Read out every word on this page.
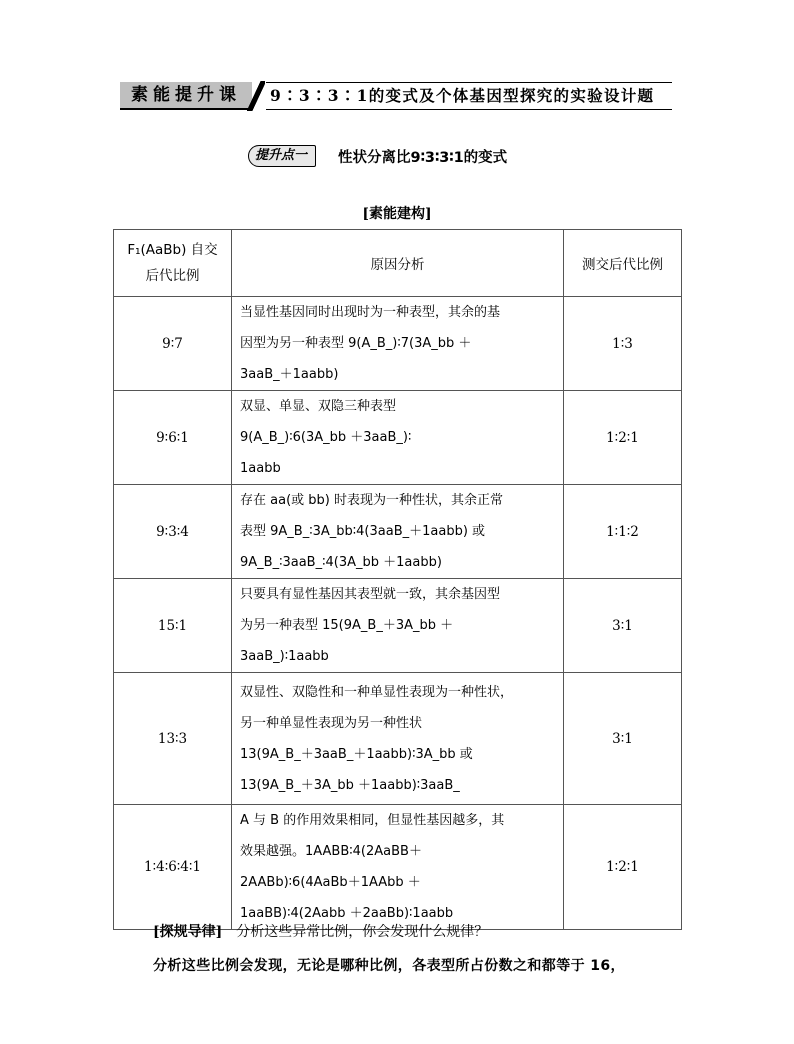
素能提升课	9∶3∶3∶1的变式及个体基因型探究的实验设计题
提升点一	性状分离比9∶3∶3∶1的变式
[素能建构]
F₁(AaBb) 自交
后代比例	原因分析	测交后代比例
9∶7	当显性基因同时出现时为一种表型，其余的基
因型为另一种表型 9(A_B_)∶7(3A_bb ＋
3aaB_＋1aabb)	1∶3
9∶6∶1	双显、单显、双隐三种表型
9(A_B_)∶6(3A_bb ＋3aaB_)∶
1aabb	1∶2∶1
9∶3∶4	存在 aa(或 bb) 时表现为一种性状，其余正常
表型 9A_B_∶3A_bb∶4(3aaB_＋1aabb) 或
9A_B_∶3aaB_∶4(3A_bb ＋1aabb)	1∶1∶2
15∶1	只要具有显性基因其表型就一致，其余基因型
为另一种表型 15(9A_B_＋3A_bb ＋
3aaB_)∶1aabb	3∶1
13∶3	双显性、双隐性和一种单显性表现为一种性状，
另一种单显性表现为另一种性状
13(9A_B_＋3aaB_＋1aabb)∶3A_bb 或
13(9A_B_＋3A_bb ＋1aabb)∶3aaB_	3∶1
1∶4∶6∶4∶1	A 与 B 的作用效果相同，但显性基因越多，其
效果越强。1AABB∶4(2AaBB＋
2AABb)∶6(4AaBb＋1AAbb ＋
1aaBB)∶4(2Aabb ＋2aaBb)∶1aabb	1∶2∶1
[探规导律] 分析这些异常比例，你会发现什么规律？
分析这些比例会发现，无论是哪种比例，各表型所占份数之和都等于 16，
